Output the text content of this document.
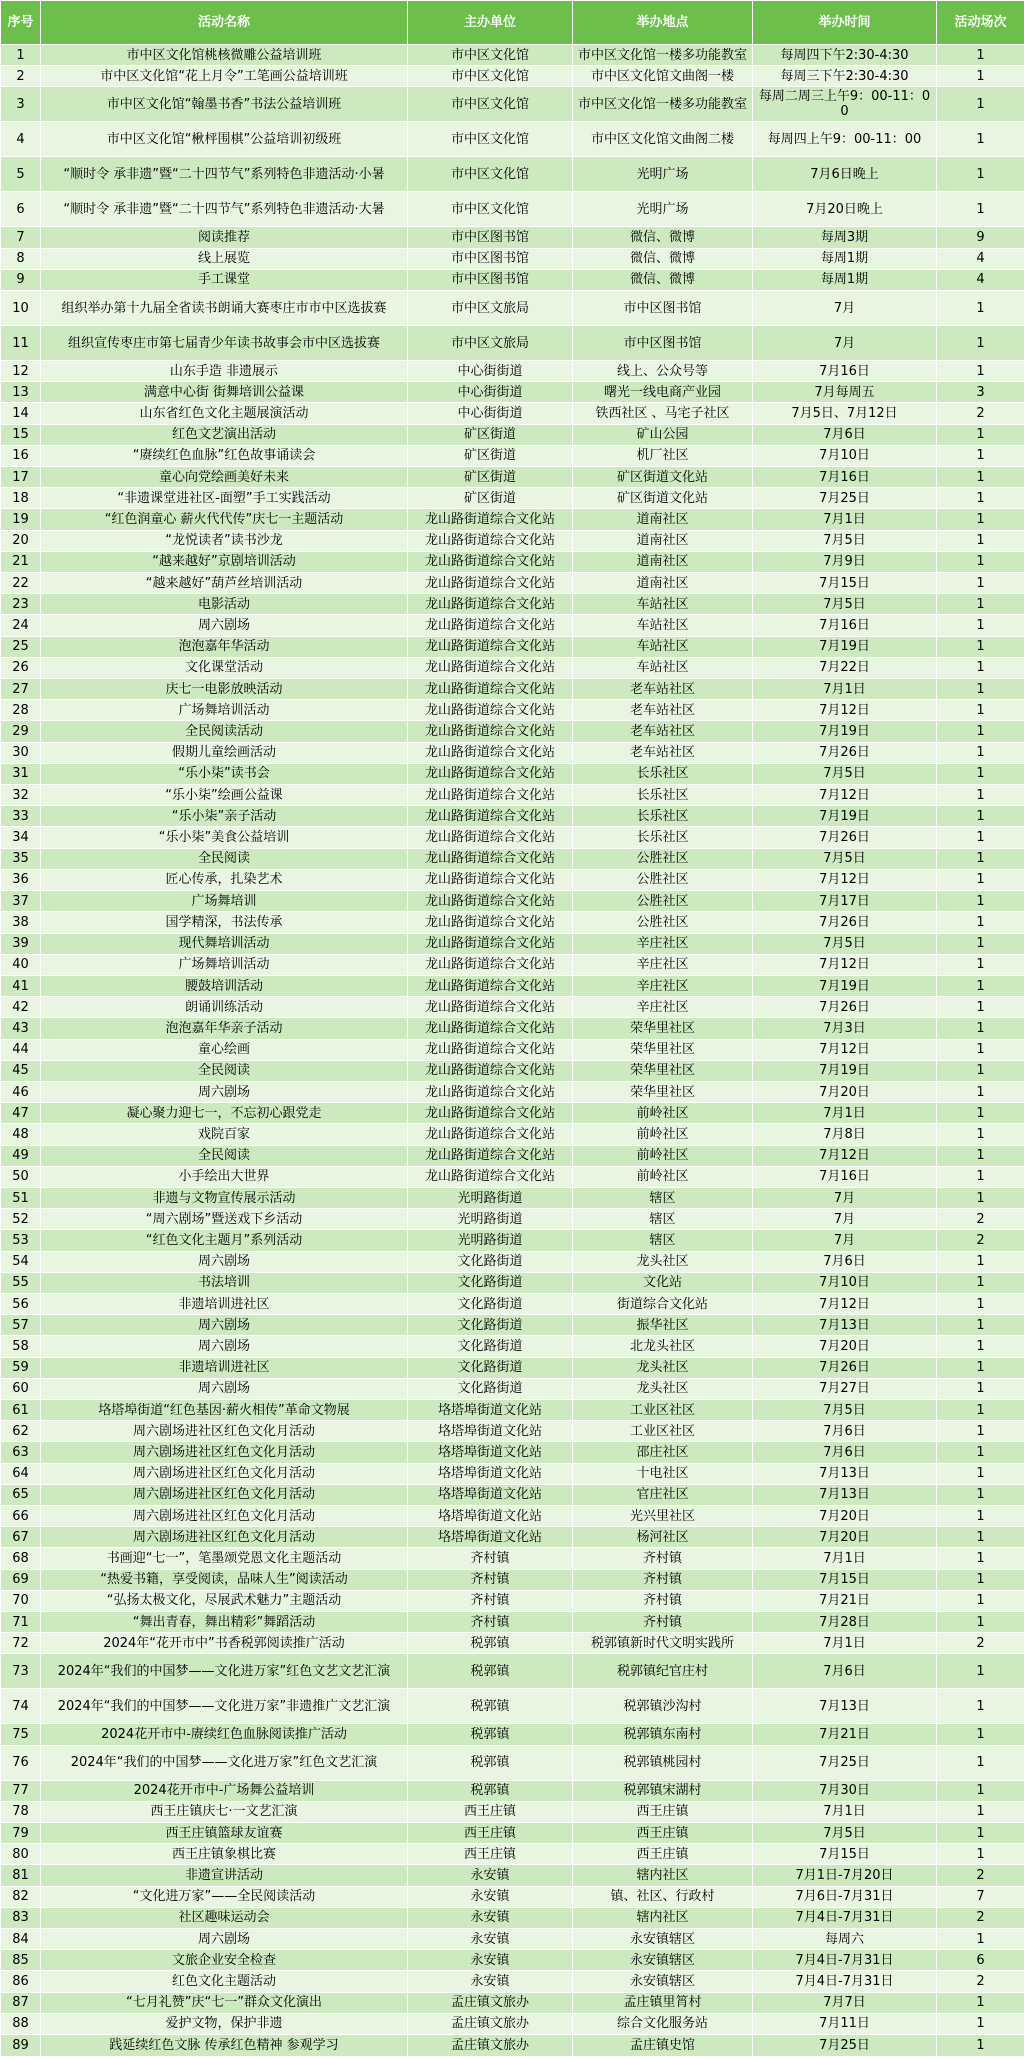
序号	活动名称	主办单位	举办地点	举办时间	活动场次
1	市中区文化馆桃核微雕公益培训班	市中区文化馆	市中区文化馆一楼多功能教室	每周四下午2:30-4:30	1
2	市中区文化馆“花上月令”工笔画公益培训班	市中区文化馆	市中区文化馆文曲阁一楼	每周三下午2:30-4:30	1
3	市中区文化馆“翰墨书香”书法公益培训班	市中区文化馆	市中区文化馆一楼多功能教室	每周二周三上午9：00-11：00	1
4	市中区文化馆“楸枰围棋”公益培训初级班	市中区文化馆	市中区文化馆文曲阁二楼	每周四上午9：00-11：00	1
5	“顺时令 承非遗”暨“二十四节气”系列特色非遗活动·小暑	市中区文化馆	光明广场	7月6日晚上	1
6	“顺时令 承非遗”暨“二十四节气”系列特色非遗活动·大暑	市中区文化馆	光明广场	7月20日晚上	1
7	阅读推荐	市中区图书馆	微信、微博	每周3期	9
8	线上展览	市中区图书馆	微信、微博	每周1期	4
9	手工课堂	市中区图书馆	微信、微博	每周1期	4
10	组织举办第十九届全省读书朗诵大赛枣庄市市中区选拔赛	市中区文旅局	市中区图书馆	7月	1
11	组织宣传枣庄市第七届青少年读书故事会市中区选拔赛	市中区文旅局	市中区图书馆	7月	1
12	山东手造 非遗展示	中心街街道	线上、公众号等	7月16日	1
13	满意中心街 街舞培训公益课	中心街街道	曙光一线电商产业园	7月每周五	3
14	山东省红色文化主题展演活动	中心街街道	铁西社区 、马宅子社区	7月5日、7月12日	2
15	红色文艺演出活动	矿区街道	矿山公园	7月6日	1
16	“赓续红色血脉”红色故事诵读会	矿区街道	机厂社区	7月10日	1
17	童心向党绘画美好未来	矿区街道	矿区街道文化站	7月16日	1
18	“非遗课堂进社区-面塑”手工实践活动	矿区街道	矿区街道文化站	7月25日	1
19	“红色润童心 薪火代代传”庆七一主题活动	龙山路街道综合文化站	道南社区	7月1日	1
20	“龙悦读者”读书沙龙	龙山路街道综合文化站	道南社区	7月5日	1
21	“越来越好”京剧培训活动	龙山路街道综合文化站	道南社区	7月9日	1
22	“越来越好”葫芦丝培训活动	龙山路街道综合文化站	道南社区	7月15日	1
23	电影活动	龙山路街道综合文化站	车站社区	7月5日	1
24	周六剧场	龙山路街道综合文化站	车站社区	7月16日	1
25	泡泡嘉年华活动	龙山路街道综合文化站	车站社区	7月19日	1
26	文化课堂活动	龙山路街道综合文化站	车站社区	7月22日	1
27	庆七一电影放映活动	龙山路街道综合文化站	老车站社区	7月1日	1
28	广场舞培训活动	龙山路街道综合文化站	老车站社区	7月12日	1
29	全民阅读活动	龙山路街道综合文化站	老车站社区	7月19日	1
30	假期儿童绘画活动	龙山路街道综合文化站	老车站社区	7月26日	1
31	“乐小柒”读书会	龙山路街道综合文化站	长乐社区	7月5日	1
32	“乐小柒”绘画公益课	龙山路街道综合文化站	长乐社区	7月12日	1
33	“乐小柒”亲子活动	龙山路街道综合文化站	长乐社区	7月19日	1
34	“乐小柒”美食公益培训	龙山路街道综合文化站	长乐社区	7月26日	1
35	全民阅读	龙山路街道综合文化站	公胜社区	7月5日	1
36	匠心传承，扎染艺术	龙山路街道综合文化站	公胜社区	7月12日	1
37	广场舞培训	龙山路街道综合文化站	公胜社区	7月17日	1
38	国学精深，书法传承	龙山路街道综合文化站	公胜社区	7月26日	1
39	现代舞培训活动	龙山路街道综合文化站	辛庄社区	7月5日	1
40	广场舞培训活动	龙山路街道综合文化站	辛庄社区	7月12日	1
41	腰鼓培训活动	龙山路街道综合文化站	辛庄社区	7月19日	1
42	朗诵训练活动	龙山路街道综合文化站	辛庄社区	7月26日	1
43	泡泡嘉年华亲子活动	龙山路街道综合文化站	荣华里社区	7月3日	1
44	童心绘画	龙山路街道综合文化站	荣华里社区	7月12日	1
45	全民阅读	龙山路街道综合文化站	荣华里社区	7月19日	1
46	周六剧场	龙山路街道综合文化站	荣华里社区	7月20日	1
47	凝心聚力迎七一，不忘初心跟党走	龙山路街道综合文化站	前岭社区	7月1日	1
48	戏院百家	龙山路街道综合文化站	前岭社区	7月8日	1
49	全民阅读	龙山路街道综合文化站	前岭社区	7月12日	1
50	小手绘出大世界	龙山路街道综合文化站	前岭社区	7月16日	1
51	非遗与文物宣传展示活动	光明路街道	辖区	7月	1
52	“周六剧场”暨送戏下乡活动	光明路街道	辖区	7月	2
53	“红色文化主题月”系列活动	光明路街道	辖区	7月	2
54	周六剧场	文化路街道	龙头社区	7月6日	1
55	书法培训	文化路街道	文化站	7月10日	1
56	非遗培训进社区	文化路街道	街道综合文化站	7月12日	1
57	周六剧场	文化路街道	振华社区	7月13日	1
58	周六剧场	文化路街道	北龙头社区	7月20日	1
59	非遗培训进社区	文化路街道	龙头社区	7月26日	1
60	周六剧场	文化路街道	龙头社区	7月27日	1
61	垎塔埠街道“红色基因·薪火相传”革命文物展	垎塔埠街道文化站	工业区社区	7月5日	1
62	周六剧场进社区红色文化月活动	垎塔埠街道文化站	工业区社区	7月6日	1
63	周六剧场进社区红色文化月活动	垎塔埠街道文化站	邵庄社区	7月6日	1
64	周六剧场进社区红色文化月活动	垎塔埠街道文化站	十电社区	7月13日	1
65	周六剧场进社区红色文化月活动	垎塔埠街道文化站	官庄社区	7月13日	1
66	周六剧场进社区红色文化月活动	垎塔埠街道文化站	光兴里社区	7月20日	1
67	周六剧场进社区红色文化月活动	垎塔埠街道文化站	杨河社区	7月20日	1
68	书画迎“七一”，笔墨颂党恩文化主题活动	齐村镇	齐村镇	7月1日	1
69	“热爱书籍，享受阅读，品味人生”阅读活动	齐村镇	齐村镇	7月15日	1
70	“弘扬太极文化，尽展武术魅力”主题活动	齐村镇	齐村镇	7月21日	1
71	“舞出青春，舞出精彩”舞蹈活动	齐村镇	齐村镇	7月28日	1
72	2024年“花开市中”书香税郭阅读推广活动	税郭镇	税郭镇新时代文明实践所	7月1日	2
73	2024年“我们的中国梦——文化进万家”红色文艺文艺汇演	税郭镇	税郭镇纪官庄村	7月6日	1
74	2024年“我们的中国梦——文化进万家”非遗推广文艺汇演	税郭镇	税郭镇沙沟村	7月13日	1
75	2024花开市中-赓续红色血脉阅读推广活动	税郭镇	税郭镇东南村	7月21日	1
76	2024年“我们的中国梦——文化进万家”红色文艺汇演	税郭镇	税郭镇桃园村	7月25日	1
77	2024花开市中-广场舞公益培训	税郭镇	税郭镇宋湖村	7月30日	1
78	西王庄镇庆七·一文艺汇演	西王庄镇	西王庄镇	7月1日	1
79	西王庄镇篮球友谊赛	西王庄镇	西王庄镇	7月5日	1
80	西王庄镇象棋比赛	西王庄镇	西王庄镇	7月15日	1
81	非遗宣讲活动	永安镇	辖内社区	7月1日-7月20日	2
82	“文化进万家”——全民阅读活动	永安镇	镇、社区、行政村	7月6日-7月31日	7
83	社区趣味运动会	永安镇	辖内社区	7月4日-7月31日	2
84	周六剧场	永安镇	永安镇辖区	每周六	1
85	文旅企业安全检查	永安镇	永安镇辖区	7月4日-7月31日	6
86	红色文化主题活动	永安镇	永安镇辖区	7月4日-7月31日	2
87	“七月礼赞”庆“七一”群众文化演出	孟庄镇文旅办	孟庄镇里筲村	7月7日	1
88	爱护文物，保护非遗	孟庄镇文旅办	综合文化服务站	7月11日	1
89	践延续红色文脉 传承红色精神 参观学习	孟庄镇文旅办	孟庄镇史馆	7月25日	1
